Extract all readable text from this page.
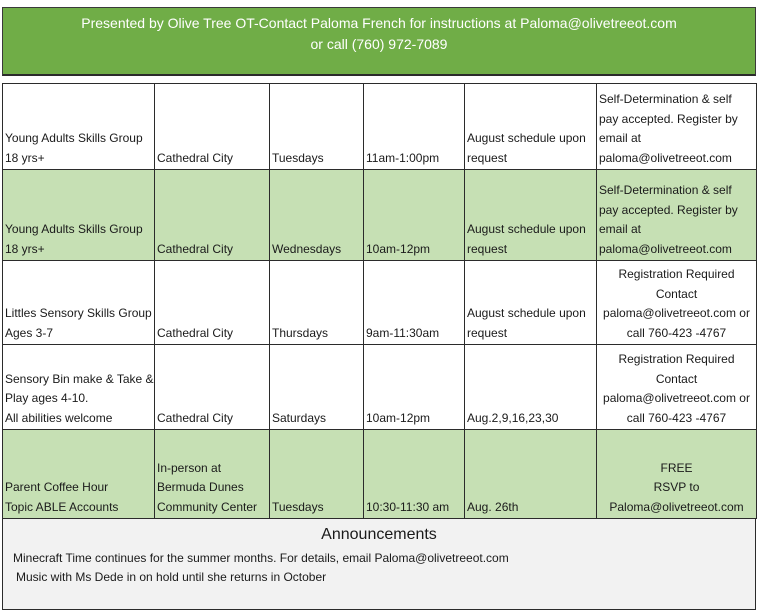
Presented by Olive Tree OT-Contact Paloma French for instructions at Paloma@olivetreeot.com
or call (760) 972-7089
Young Adults Skills Group
18 yrs+	Cathedral City	Tuesdays	11am-1:00pm	August schedule upon
request	Self-Determination & self
pay accepted. Register by
email at
paloma@olivetreeot.com

Young Adults Skills Group
18 yrs+	Cathedral City	Wednesdays	10am-12pm	August schedule upon
request	Self-Determination & self
pay accepted. Register by
email at
paloma@olivetreeot.com

Littles Sensory Skills Group
Ages 3-7	Cathedral City	Thursdays	9am-11:30am	August schedule upon
request	Registration Required
Contact
paloma@olivetreeot.com or
call 760-423 -4767

Sensory Bin make & Take &
Play ages 4-10.
All abilities welcome	Cathedral City	Saturdays	10am-12pm	Aug.2,9,16,23,30	Registration Required
Contact
paloma@olivetreeot.com or
call 760-423 -4767

Parent Coffee Hour
Topic ABLE Accounts	In-person at
Bermuda Dunes
Community Center	Tuesdays	10:30-11:30 am	Aug. 26th	FREE
RSVP to
Paloma@olivetreeot.com
Announcements
Minecraft Time continues for the summer months. For details, email Paloma@olivetreeot.com
Music with Ms Dede in on hold until she returns in October
